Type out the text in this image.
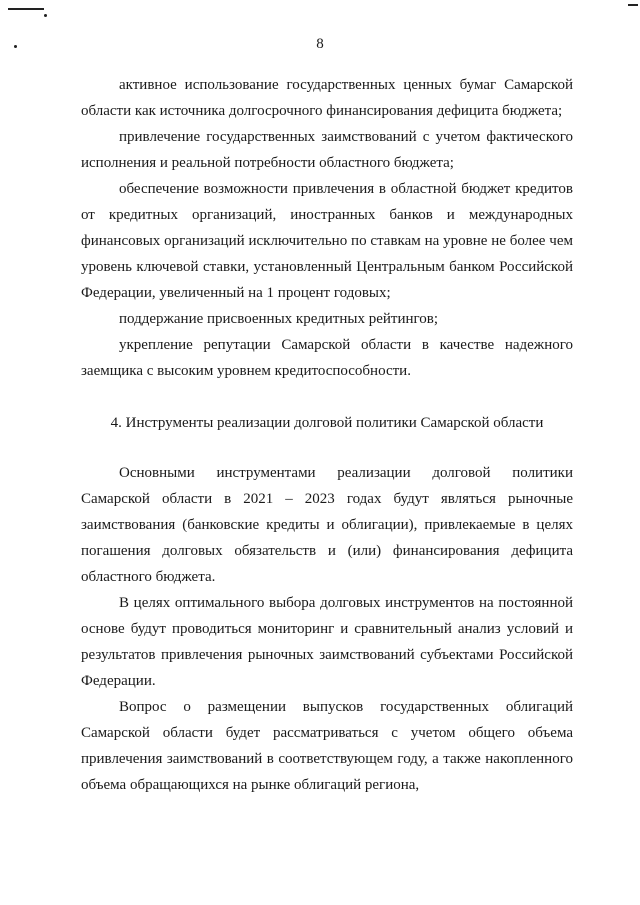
8

активное использование государственных ценных бумаг Самарской области как источника долгосрочного финансирования дефицита бюджета;

привлечение государственных заимствований с учетом фактического исполнения и реальной потребности областного бюджета;

обеспечение возможности привлечения в областной бюджет кредитов от кредитных организаций, иностранных банков и международных финансовых организаций исключительно по ставкам на уровне не более чем уровень ключевой ставки, установленный Центральным банком Российской Федерации, увеличенный на 1 процент годовых;

поддержание присвоенных кредитных рейтингов;

укрепление репутации Самарской области в качестве надежного заемщика с высоким уровнем кредитоспособности.

4. Инструменты реализации долговой политики Самарской области

Основными инструментами реализации долговой политики Самарской области в 2021 – 2023 годах будут являться рыночные заимствования (банковские кредиты и облигации), привлекаемые в целях погашения долговых обязательств и (или) финансирования дефицита областного бюджета.

В целях оптимального выбора долговых инструментов на постоянной основе будут проводиться мониторинг и сравнительный анализ условий и результатов привлечения рыночных заимствований субъектами Российской Федерации.

Вопрос о размещении выпусков государственных облигаций Самарской области будет рассматриваться с учетом общего объема привлечения заимствований в соответствующем году, а также накопленного объема обращающихся на рынке облигаций региона,
